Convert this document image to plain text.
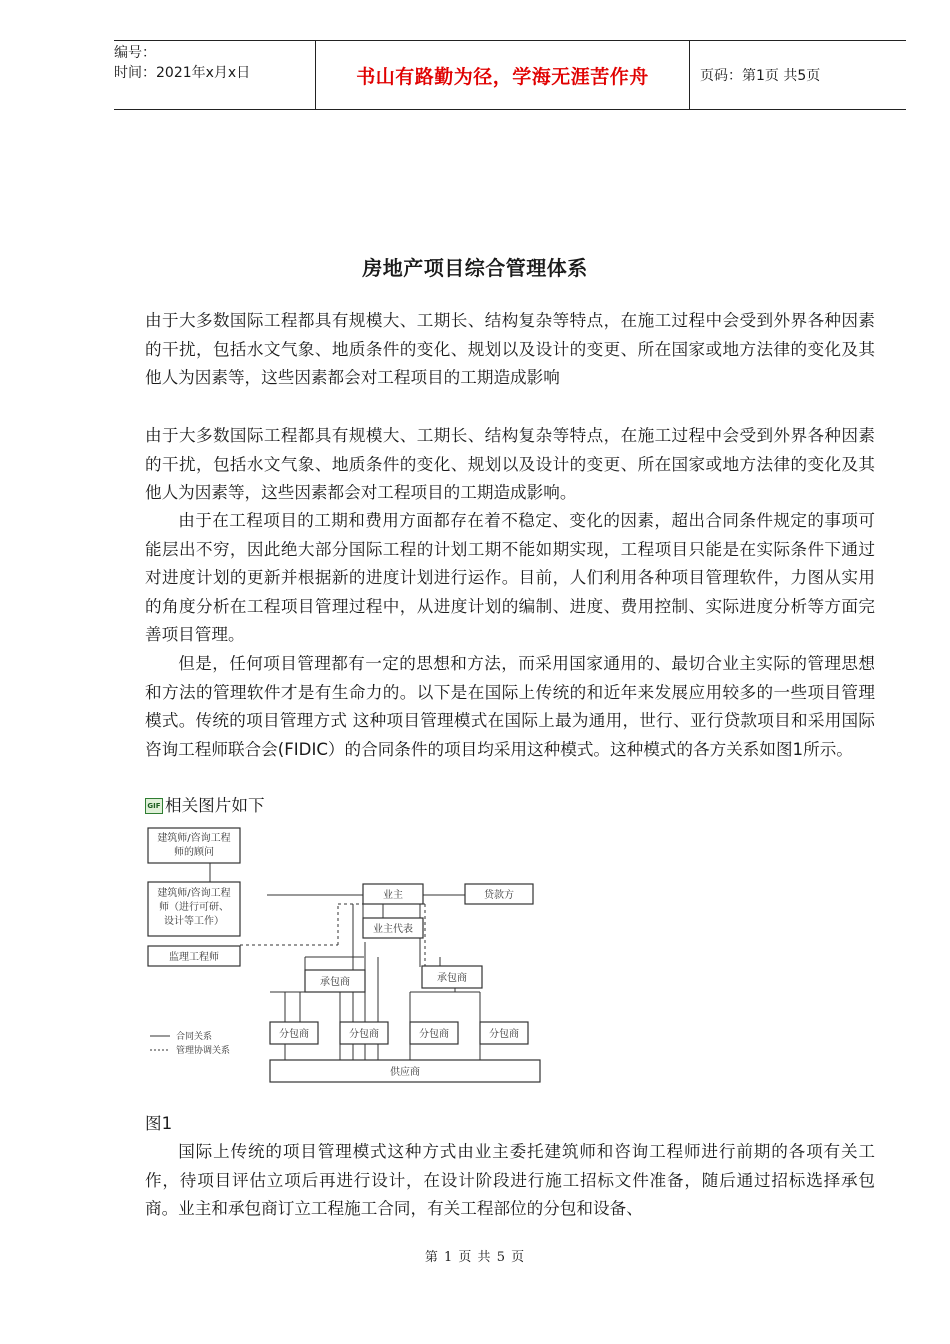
编号：
时间：2021年x月x日	书山有路勤为径，学海无涯苦作舟	页码：第1页 共5页
房地产项目综合管理体系
由于大多数国际工程都具有规模大、工期长、结构复杂等特点，在施工过程中会受到外界各种因素的干扰，包括水文气象、地质条件的变化、规划以及设计的变更、所在国家或地方法律的变化及其他人为因素等，这些因素都会对工程项目的工期造成影响
由于大多数国际工程都具有规模大、工期长、结构复杂等特点，在施工过程中会受到外界各种因素的干扰，包括水文气象、地质条件的变化、规划以及设计的变更、所在国家或地方法律的变化及其他人为因素等，这些因素都会对工程项目的工期造成影响。
由于在工程项目的工期和费用方面都存在着不稳定、变化的因素，超出合同条件规定的事项可能层出不穷，因此绝大部分国际工程的计划工期不能如期实现，工程项目只能是在实际条件下通过对进度计划的更新并根据新的进度计划进行运作。目前，人们利用各种项目管理软件，力图从实用的角度分析在工程项目管理过程中，从进度计划的编制、进度、费用控制、实际进度分析等方面完善项目管理。
但是，任何项目管理都有一定的思想和方法，而采用国家通用的、最切合业主实际的管理思想和方法的管理软件才是有生命力的。以下是在国际上传统的和近年来发展应用较多的一些项目管理模式。传统的项目管理方式 这种项目管理模式在国际上最为通用，世行、亚行贷款项目和采用国际咨询工程师联合会(FIDIC）的合同条件的项目均采用这种模式。这种模式的各方关系如图1所示。
GIF 相关图片如下
建筑师/咨询工程
师的顾问
建筑师/咨询工程
师（进行可研、
设计等工作）
监理工程师
业主	贷款方
业主代表
承包商	承包商
分包商	分包商	分包商	分包商
供应商
合同关系
管理协调关系
图1
国际上传统的项目管理模式这种方式由业主委托建筑师和咨询工程师进行前期的各项有关工作，待项目评估立项后再进行设计，在设计阶段进行施工招标文件准备，随后通过招标选择承包商。业主和承包商订立工程施工合同，有关工程部位的分包和设备、
第 1 页 共 5 页
